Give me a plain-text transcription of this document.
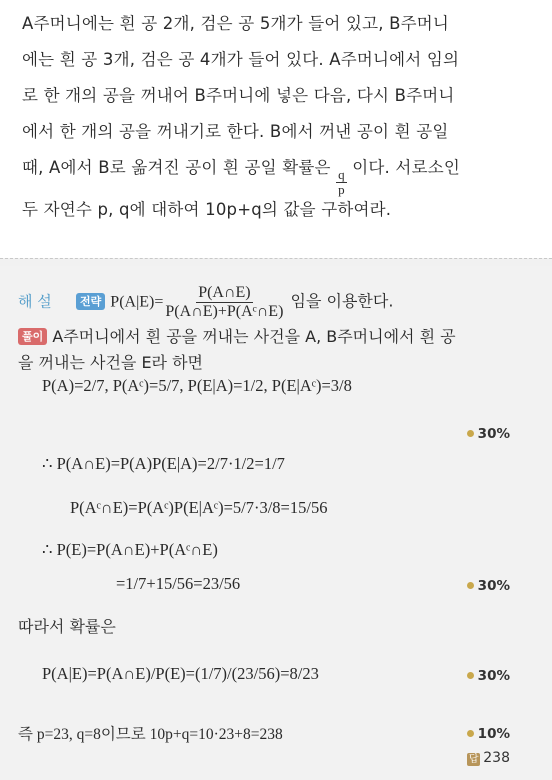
A주머니에는 흰 공 2개, 검은 공 5개가 들어 있고, B주머니
에는 흰 공 3개, 검은 공 4개가 들어 있다. A주머니에서 임의
로 한 개의 공을 꺼내어 B주머니에 넣은 다음, 다시 B주머니
에서 한 개의 공을 꺼내기로 한다. B에서 꺼낸 공이 흰 공일
때, A에서 B로 옮겨진 공이 흰 공일 확률은
$\frac{q}{p}$
이다. 서로소인
두 자연수 p, q에 대하여 10p+q의 값을 구하여라.
해 설	전략 $P(A|E)= \frac{P(A\cap E)}{\text{P(A∩E)+P(Aᶜ∩E)}}$ 임을 이용한다.
풀이 A주머니에서 흰 공을 꺼내는 사건을 A, B주머니에서 흰 공
을 꺼내는 사건을 E라 하면
P(A)=2/7, P(Aᶜ)=5/7, P(E|A)=1/2, P(E|Aᶜ)=3/8
30%
∴ P(A∩E)=P(A)P(E|A)=2/7·1/2=1/7
P(Aᶜ∩E)=P(Aᶜ)P(E|Aᶜ)=5/7·3/8=15/56
∴ P(E)=P(A∩E)+P(Aᶜ∩E)
=1/7+15/56=23/56	30%
따라서 확률은
P(A|E)=P(A∩E)/P(E)=(1/7)/(23/56)=8/23	30%
즉 p=23, q=8이므로 10p+q=10·23+8=238	10%
답 238
